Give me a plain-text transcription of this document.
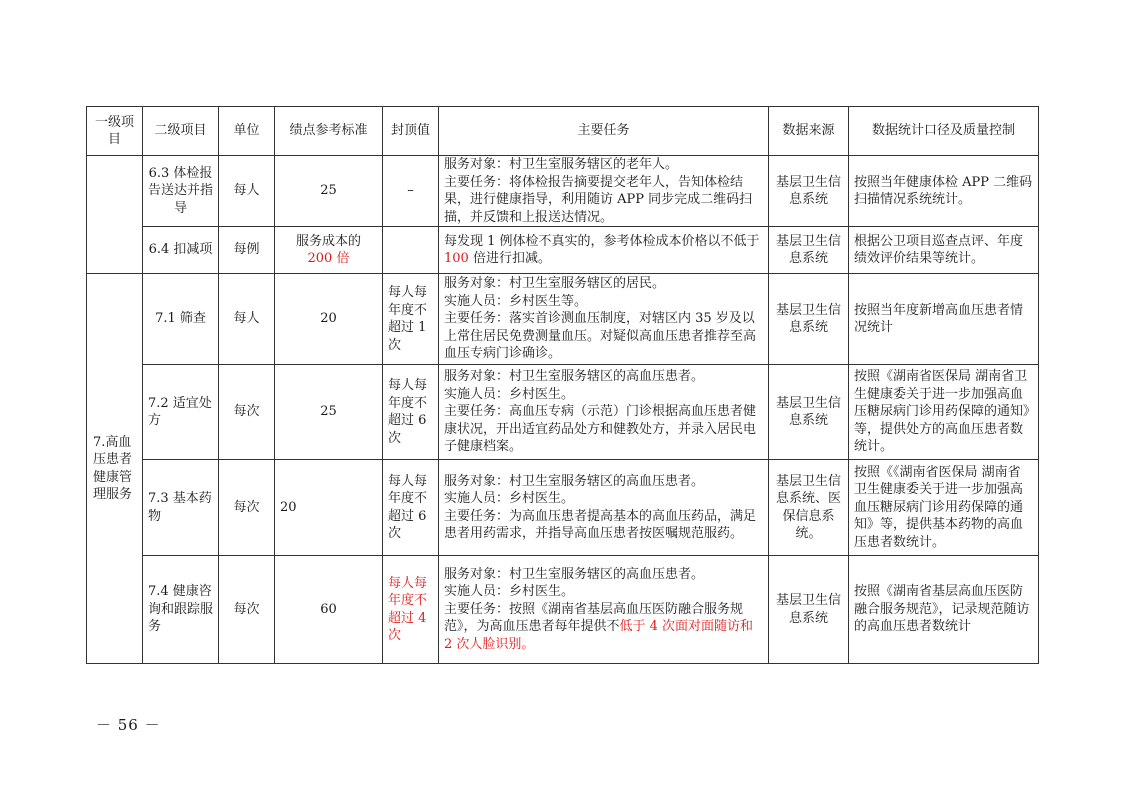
一级项目	二级项目	单位	绩点参考标准	封顶值	主要任务	数据来源	数据统计口径及质量控制
	6.3 体检报告送达并指导	每人	25	–	服务对象：村卫生室服务辖区的老年人。
主要任务：将体检报告摘要提交老年人，告知体检结果，进行健康指导，利用随访 APP 同步完成二维码扫描，并反馈和上报送达情况。	基层卫生信息系统	按照当年健康体检 APP 二维码扫描情况系统统计。
	6.4 扣减项	每例	服务成本的
200 倍		每发现 1 例体检不真实的，参考体检成本价格以不低于 100 倍进行扣减。	基层卫生信息系统	根据公卫项目巡查点评、年度绩效评价结果等统计。
7.高血压患者健康管理服务	7.1 筛查	每人	20	每人每年度不超过 1 次	服务对象：村卫生室服务辖区的居民。
实施人员：乡村医生等。
主要任务：落实首诊测血压制度，对辖区内 35 岁及以上常住居民免费测量血压。对疑似高血压患者推荐至高血压专病门诊确诊。	基层卫生信息系统	按照当年度新增高血压患者情况统计
	7.2 适宜处方	每次	25	每人每年度不超过 6 次	服务对象：村卫生室服务辖区的高血压患者。
实施人员：乡村医生。
主要任务：高血压专病（示范）门诊根据高血压患者健康状况，开出适宜药品处方和健教处方，并录入居民电子健康档案。	基层卫生信息系统	按照《湖南省医保局 湖南省卫生健康委关于进一步加强高血压糖尿病门诊用药保障的通知》等，提供处方的高血压患者数统计。
	7.3 基本药物	每次	20	每人每年度不超过 6 次	服务对象：村卫生室服务辖区的高血压患者。
实施人员：乡村医生。
主要任务：为高血压患者提高基本的高血压药品，满足患者用药需求，并指导高血压患者按医嘱规范服药。	基层卫生信息系统、医保信息系统。	按照《《湖南省医保局 湖南省卫生健康委关于进一步加强高血压糖尿病门诊用药保障的通知》等，提供基本药物的高血压患者数统计。
	7.4 健康咨询和跟踪服务	每次	60	每人每年度不超过 4 次	服务对象：村卫生室服务辖区的高血压患者。
实施人员：乡村医生。
主要任务：按照《湖南省基层高血压医防融合服务规范》，为高血压患者每年提供不低于 4 次面对面随访和 2 次人脸识别。	基层卫生信息系统	按照《湖南省基层高血压医防融合服务规范》，记录规范随访的高血压患者数统计
－ 56 －
